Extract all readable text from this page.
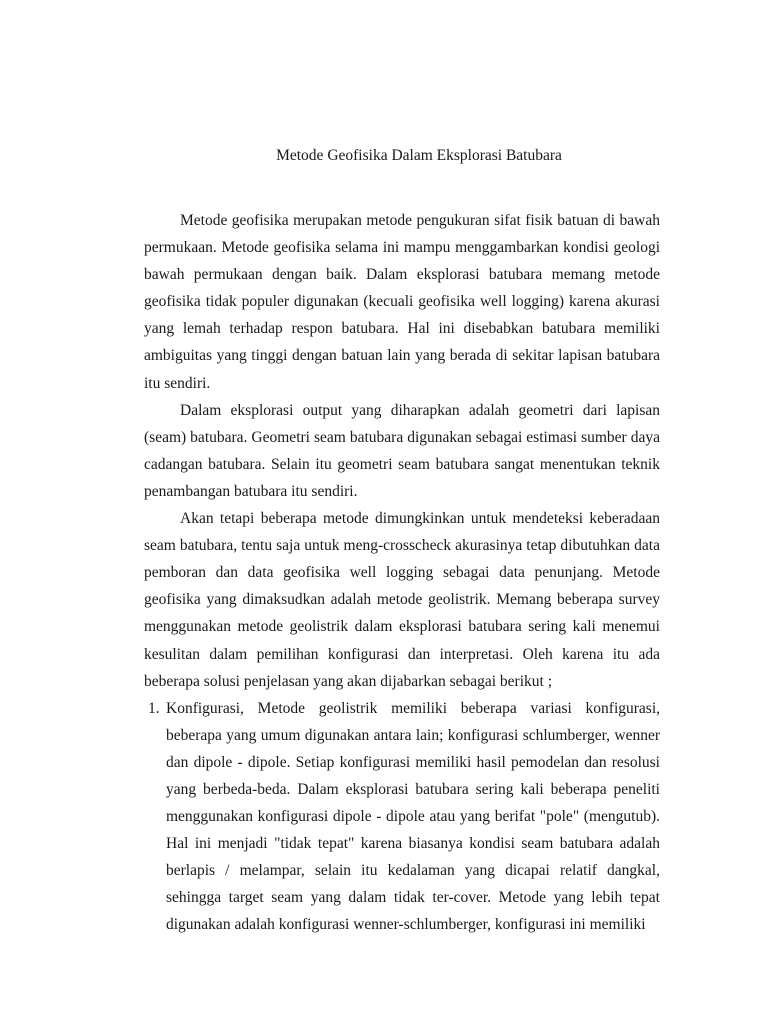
Metode Geofisika Dalam Eksplorasi Batubara

Metode geofisika merupakan metode pengukuran sifat fisik batuan di bawah permukaan. Metode geofisika selama ini mampu menggambarkan kondisi geologi bawah permukaan dengan baik. Dalam eksplorasi batubara memang metode geofisika tidak populer digunakan (kecuali geofisika well logging) karena akurasi yang lemah terhadap respon batubara. Hal ini disebabkan batubara memiliki ambiguitas yang tinggi dengan batuan lain yang berada di sekitar lapisan batubara itu sendiri.

Dalam eksplorasi output yang diharapkan adalah geometri dari lapisan (seam) batubara. Geometri seam batubara digunakan sebagai estimasi sumber daya cadangan batubara. Selain itu geometri seam batubara sangat menentukan teknik penambangan batubara itu sendiri.

Akan tetapi beberapa metode dimungkinkan untuk mendeteksi keberadaan seam batubara, tentu saja untuk meng-crosscheck akurasinya tetap dibutuhkan data pemboran dan data geofisika well logging sebagai data penunjang. Metode geofisika yang dimaksudkan adalah metode geolistrik. Memang beberapa survey menggunakan metode geolistrik dalam eksplorasi batubara sering kali menemui kesulitan dalam pemilihan konfigurasi dan interpretasi. Oleh karena itu ada beberapa solusi penjelasan yang akan dijabarkan sebagai berikut ;

1. Konfigurasi, Metode geolistrik memiliki beberapa variasi konfigurasi, beberapa yang umum digunakan antara lain; konfigurasi schlumberger, wenner dan dipole - dipole. Setiap konfigurasi memiliki hasil pemodelan dan resolusi yang berbeda-beda. Dalam eksplorasi batubara sering kali beberapa peneliti menggunakan konfigurasi dipole - dipole atau yang berifat "pole" (mengutub). Hal ini menjadi "tidak tepat" karena biasanya kondisi seam batubara adalah berlapis / melampar, selain itu kedalaman yang dicapai relatif dangkal, sehingga target seam yang dalam tidak ter-cover. Metode yang lebih tepat digunakan adalah konfigurasi wenner-schlumberger, konfigurasi ini memiliki
